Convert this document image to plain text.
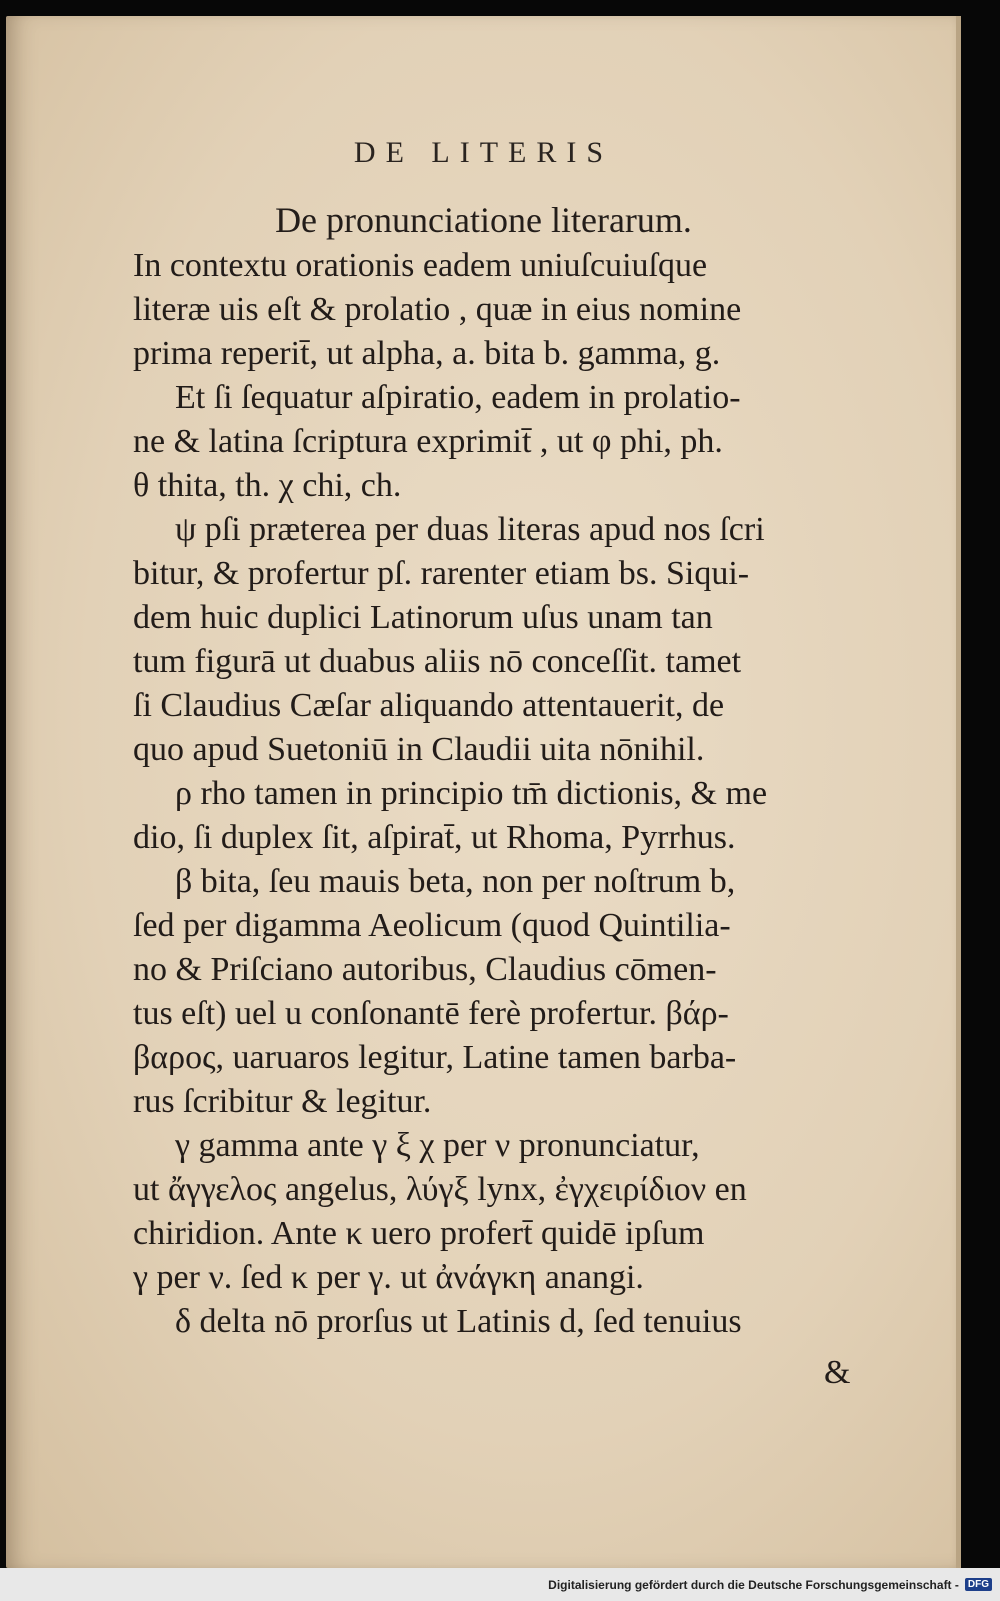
DE LITERIS
De pronunciatione literarum.
In contextu orationis eadem uniuſcuiuſque
literæ uis eſt & prolatio , quæ in eius nomine
prima reperit̄, ut alpha, a. bita b. gamma, g.
Et ſi ſequatur aſpiratio, eadem in prolatio-
ne & latina ſcriptura exprimit̄ , ut φ phi, ph.
θ thita, th. χ chi, ch.
ψ pſi præterea per duas literas apud nos ſcri
bitur, & profertur pſ. rarenter etiam bs. Siqui-
dem huic duplici Latinorum uſus unam tan
tum figurā ut duabus aliis nō conceſſit. tamet
ſi Claudius Cæſar aliquando attentauerit, de
quo apud Suetoniū in Claudii uita nōnihil.
ρ rho tamen in principio tm̄ dictionis, & me
dio, ſi duplex ſit, aſpirat̄, ut Rhoma, Pyrrhus.
β bita, ſeu mauis beta, non per noſtrum b,
ſed per digamma Aeolicum (quod Quintilia-
no & Priſciano autoribus, Claudius cōmen-
tus eſt) uel u conſonantē ferè profertur. βάρ-
βαρος, uaruaros legitur, Latine tamen barba-
rus ſcribitur & legitur.
γ gamma ante γ ξ χ per ν pronunciatur,
ut ἄγγελος angelus, λύγξ lynx, ἐγχειρίδιον en
chiridion. Ante κ uero profert̄ quidē ipſum
γ per ν. ſed κ per γ. ut ἀνάγκη anangi.
δ delta nō prorſus ut Latinis d, ſed tenuius
&
Digitalisierung gefördert durch die Deutsche Forschungsgemeinschaft - DFG
